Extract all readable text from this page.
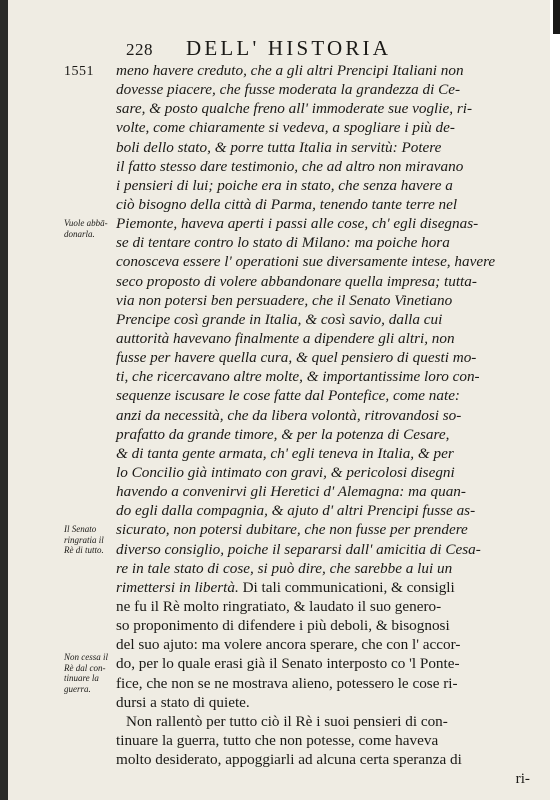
228 DELL' HISTORIA
1551
Vuole abbā-
donarla.
Il Senato
ringratia il
Rè di tutto.
Non cessa il
Rè dal con-
tinuare la
guerra.
meno havere creduto, che a gli altri Prencipi Italiani non
dovesse piacere, che fusse moderata la grandezza di Ce-
sare, & posto qualche freno all' immoderate sue voglie, ri-
volte, come chiaramente si vedeva, a spogliare i più de-
boli dello stato, & porre tutta Italia in servitù: Potere
il fatto stesso dare testimonio, che ad altro non miravano
i pensieri di lui; poiche era in stato, che senza havere a
ciò bisogno della città di Parma, tenendo tante terre nel
Piemonte, haveva aperti i passi alle cose, ch' egli disegnas-
se di tentare contro lo stato di Milano: ma poiche hora
conosceva essere l' operationi sue diversamente intese, havere
seco proposto di volere abbandonare quella impresa; tutta-
via non potersi ben persuadere, che il Senato Vinetiano
Prencipe così grande in Italia, & così savio, dalla cui
auttorità havevano finalmente a dipendere gli altri, non
fusse per havere quella cura, & quel pensiero di questi mo-
ti, che ricercavano altre molte, & importantissime loro con-
sequenze iscusare le cose fatte dal Pontefice, come nate:
anzi da necessità, che da libera volontà, ritrovandosi so-
prafatto da grande timore, & per la potenza di Cesare,
& di tanta gente armata, ch' egli teneva in Italia, & per
lo Concilio già intimato con gravi, & pericolosi disegni
havendo a convenirvi gli Heretici d' Alemagna: ma quan-
do egli dalla compagnia, & ajuto d' altri Prencipi fusse as-
sicurato, non potersi dubitare, che non fusse per prendere
diverso consiglio, poiche il separarsi dall' amicitia di Cesa-
re in tale stato di cose, si può dire, che sarebbe a lui un
rimettersi in libertà. Di tali communicationi, & consigli
ne fu il Rè molto ringratiato, & laudato il suo genero-
so proponimento di difendere i più deboli, & bisognosi
del suo ajuto: ma volere ancora sperare, che con l' accor-
do, per lo quale erasi già il Senato interposto co 'l Ponte-
fice, che non se ne mostrava alieno, potessero le cose ri-
dursi a stato di quiete.
Non rallentò per tutto ciò il Rè i suoi pensieri di con-
tinuare la guerra, tutto che non potesse, come haveva
molto desiderato, appoggiarli ad alcuna certa speranza di
ri-
